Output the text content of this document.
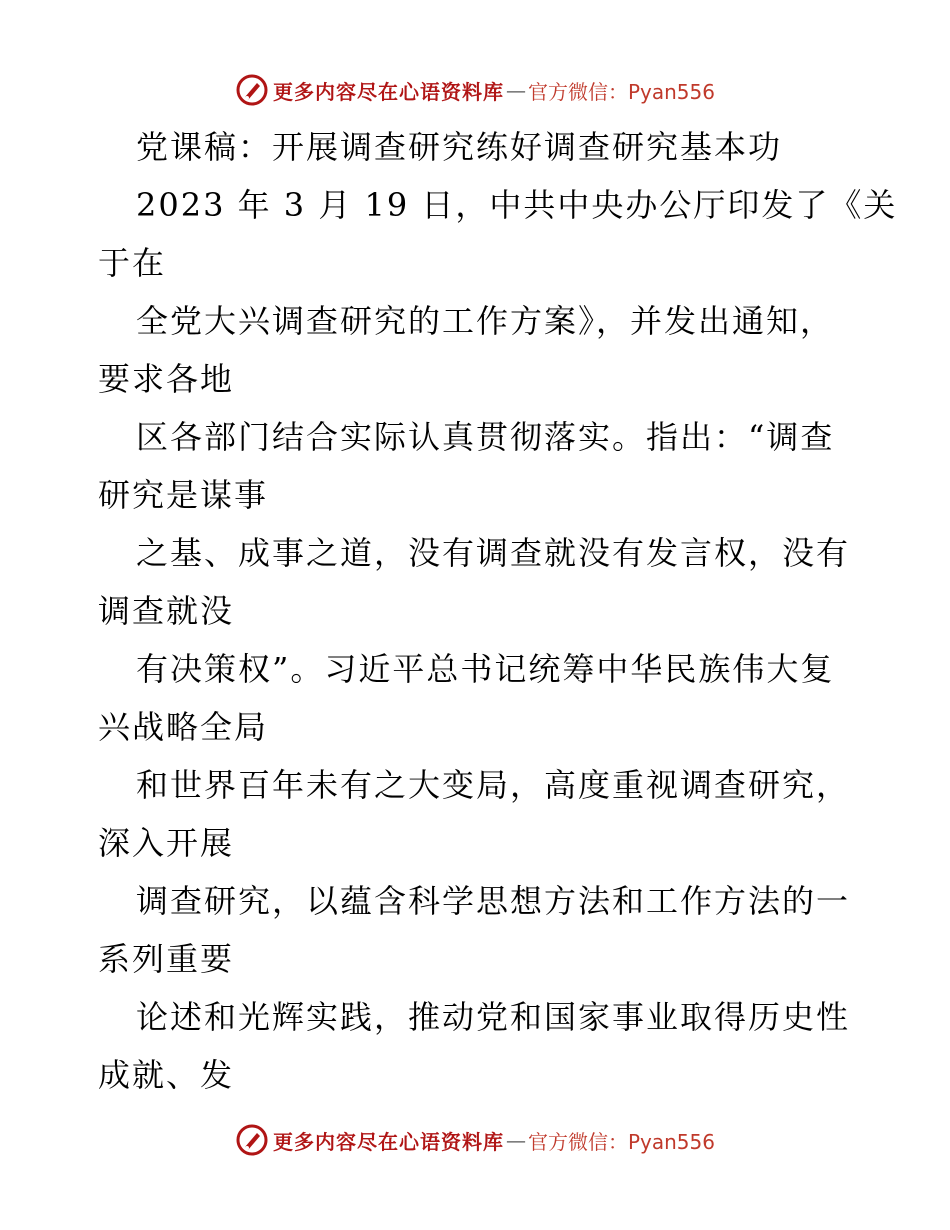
更多内容尽在心语资料库 — 官方微信：Pyan556
党课稿：开展调查研究练好调查研究基本功
2023 年 3 月 19 日，中共中央办公厅印发了《关
于在
全党大兴调查研究的工作方案》，并发出通知，
要求各地
区各部门结合实际认真贯彻落实。指出：“调查
研究是谋事
之基、成事之道，没有调查就没有发言权，没有
调查就没
有决策权”。习近平总书记统筹中华民族伟大复
兴战略全局
和世界百年未有之大变局，高度重视调查研究，
深入开展
调查研究，以蕴含科学思想方法和工作方法的一
系列重要
论述和光辉实践，推动党和国家事业取得历史性
成就、发
更多内容尽在心语资料库 — 官方微信：Pyan556
